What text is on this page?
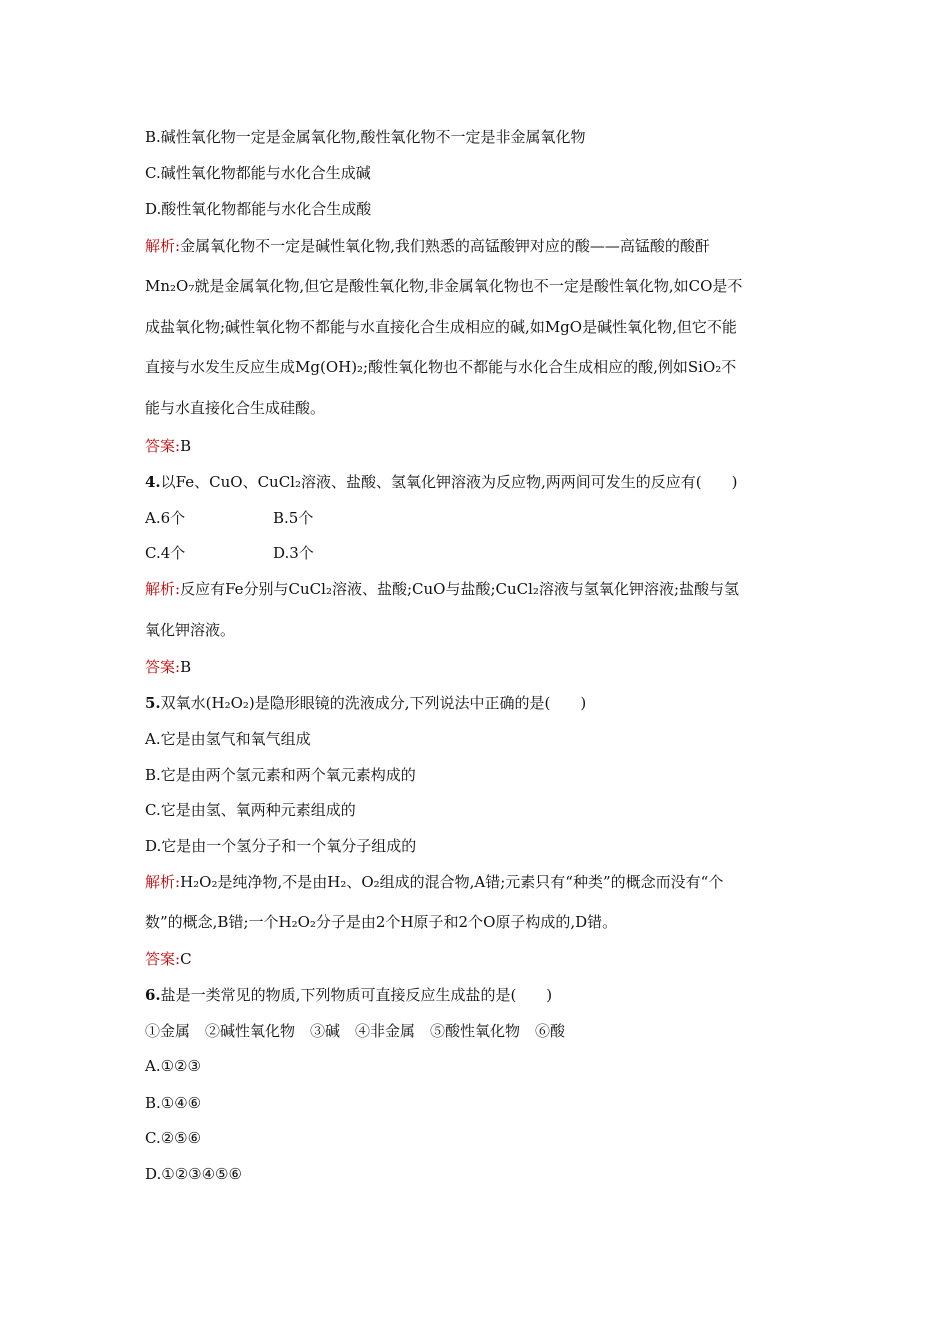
B.碱性氧化物一定是金属氧化物,酸性氧化物不一定是非金属氧化物
C.碱性氧化物都能与水化合生成碱
D.酸性氧化物都能与水化合生成酸
解析:金属氧化物不一定是碱性氧化物,我们熟悉的高锰酸钾对应的酸——高锰酸的酸酐
Mn₂O₇就是金属氧化物,但它是酸性氧化物,非金属氧化物也不一定是酸性氧化物,如CO是不
成盐氧化物;碱性氧化物不都能与水直接化合生成相应的碱,如MgO是碱性氧化物,但它不能
直接与水发生反应生成Mg(OH)₂;酸性氧化物也不都能与水化合生成相应的酸,例如SiO₂不
能与水直接化合生成硅酸。
答案:B
4.以Fe、CuO、CuCl₂溶液、盐酸、氢氧化钾溶液为反应物,两两间可发生的反应有(　　)
A.6个	B.5个
C.4个	D.3个
解析:反应有Fe分别与CuCl₂溶液、盐酸;CuO与盐酸;CuCl₂溶液与氢氧化钾溶液;盐酸与氢
氧化钾溶液。
答案:B
5.双氧水(H₂O₂)是隐形眼镜的洗液成分,下列说法中正确的是(　　)
A.它是由氢气和氧气组成
B.它是由两个氢元素和两个氧元素构成的
C.它是由氢、氧两种元素组成的
D.它是由一个氢分子和一个氧分子组成的
解析:H₂O₂是纯净物,不是由H₂、O₂组成的混合物,A错;元素只有“种类”的概念而没有“个
数”的概念,B错;一个H₂O₂分子是由2个H原子和2个O原子构成的,D错。
答案:C
6.盐是一类常见的物质,下列物质可直接反应生成盐的是(　　)
①金属　②碱性氧化物　③碱　④非金属　⑤酸性氧化物　⑥酸
A.①②③
B.①④⑥
C.②⑤⑥
D.①②③④⑤⑥
